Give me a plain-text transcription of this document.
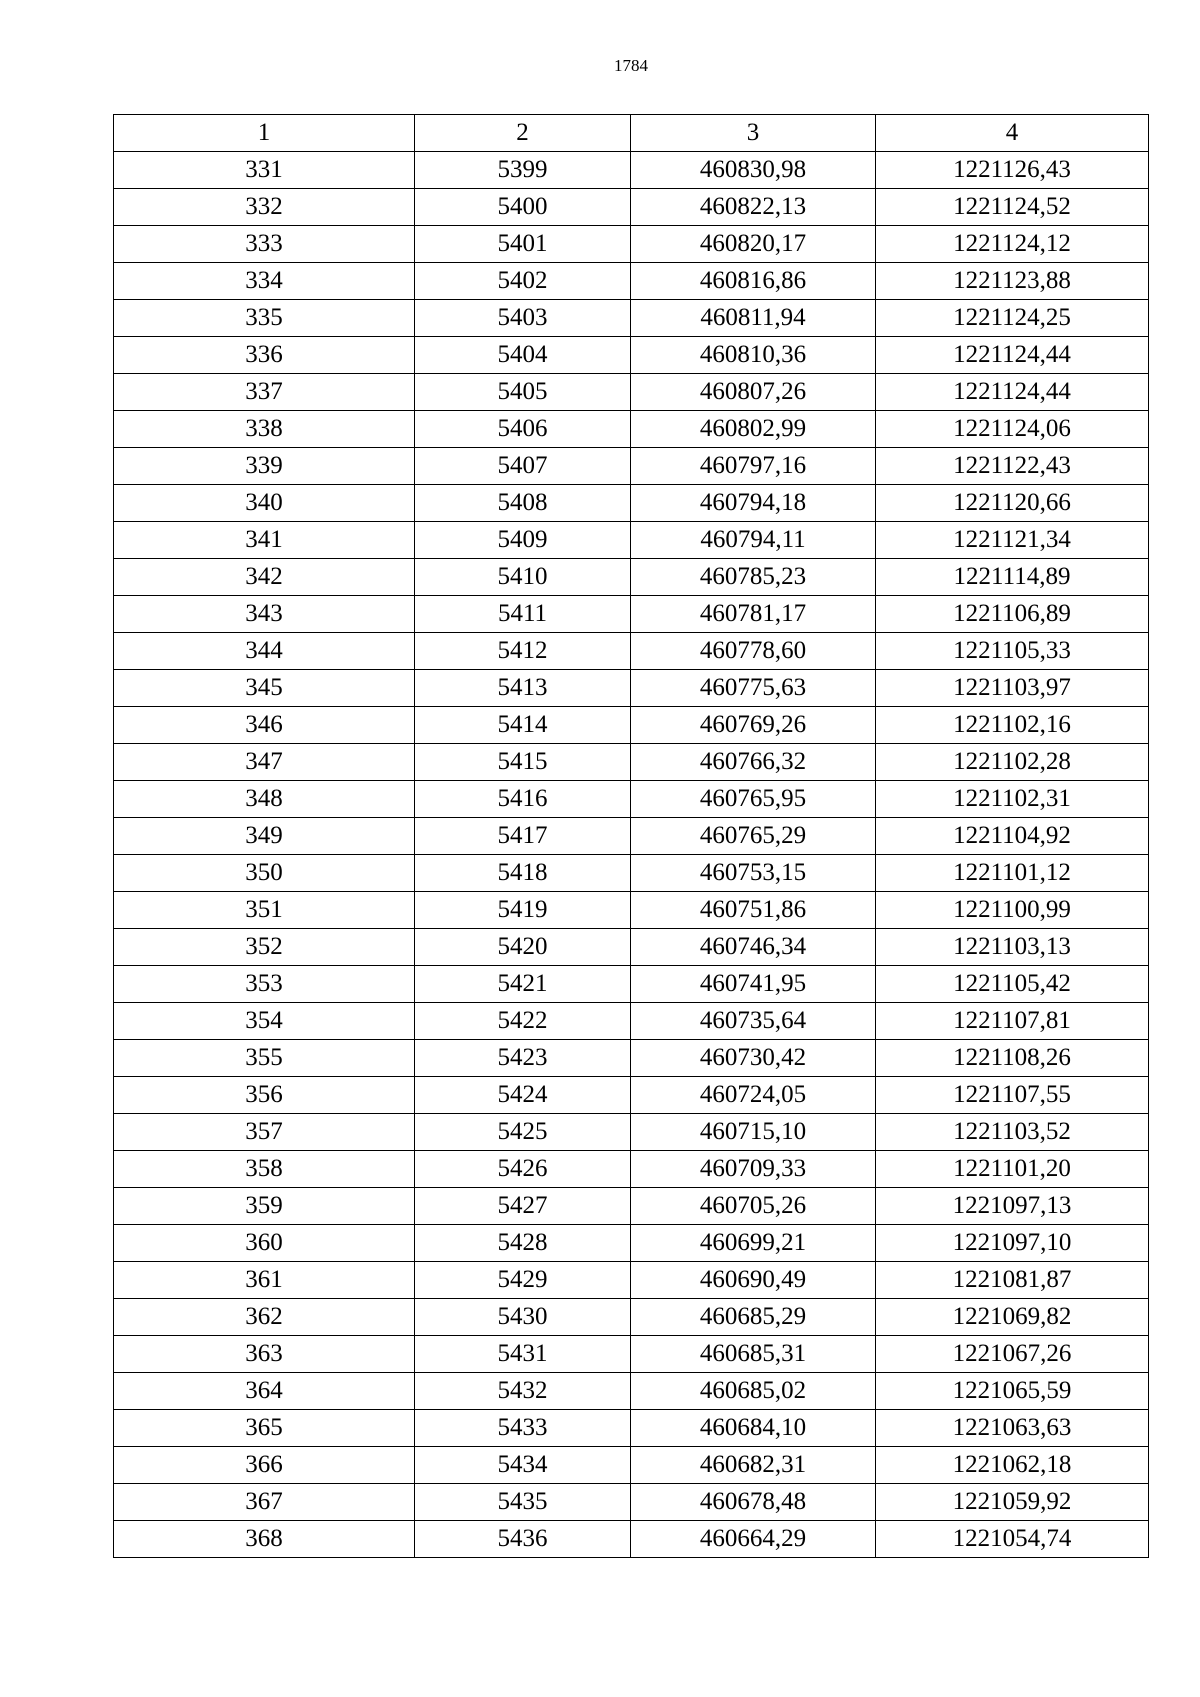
1784
1	2	3	4
331	5399	460830,98	1221126,43
332	5400	460822,13	1221124,52
333	5401	460820,17	1221124,12
334	5402	460816,86	1221123,88
335	5403	460811,94	1221124,25
336	5404	460810,36	1221124,44
337	5405	460807,26	1221124,44
338	5406	460802,99	1221124,06
339	5407	460797,16	1221122,43
340	5408	460794,18	1221120,66
341	5409	460794,11	1221121,34
342	5410	460785,23	1221114,89
343	5411	460781,17	1221106,89
344	5412	460778,60	1221105,33
345	5413	460775,63	1221103,97
346	5414	460769,26	1221102,16
347	5415	460766,32	1221102,28
348	5416	460765,95	1221102,31
349	5417	460765,29	1221104,92
350	5418	460753,15	1221101,12
351	5419	460751,86	1221100,99
352	5420	460746,34	1221103,13
353	5421	460741,95	1221105,42
354	5422	460735,64	1221107,81
355	5423	460730,42	1221108,26
356	5424	460724,05	1221107,55
357	5425	460715,10	1221103,52
358	5426	460709,33	1221101,20
359	5427	460705,26	1221097,13
360	5428	460699,21	1221097,10
361	5429	460690,49	1221081,87
362	5430	460685,29	1221069,82
363	5431	460685,31	1221067,26
364	5432	460685,02	1221065,59
365	5433	460684,10	1221063,63
366	5434	460682,31	1221062,18
367	5435	460678,48	1221059,92
368	5436	460664,29	1221054,74
